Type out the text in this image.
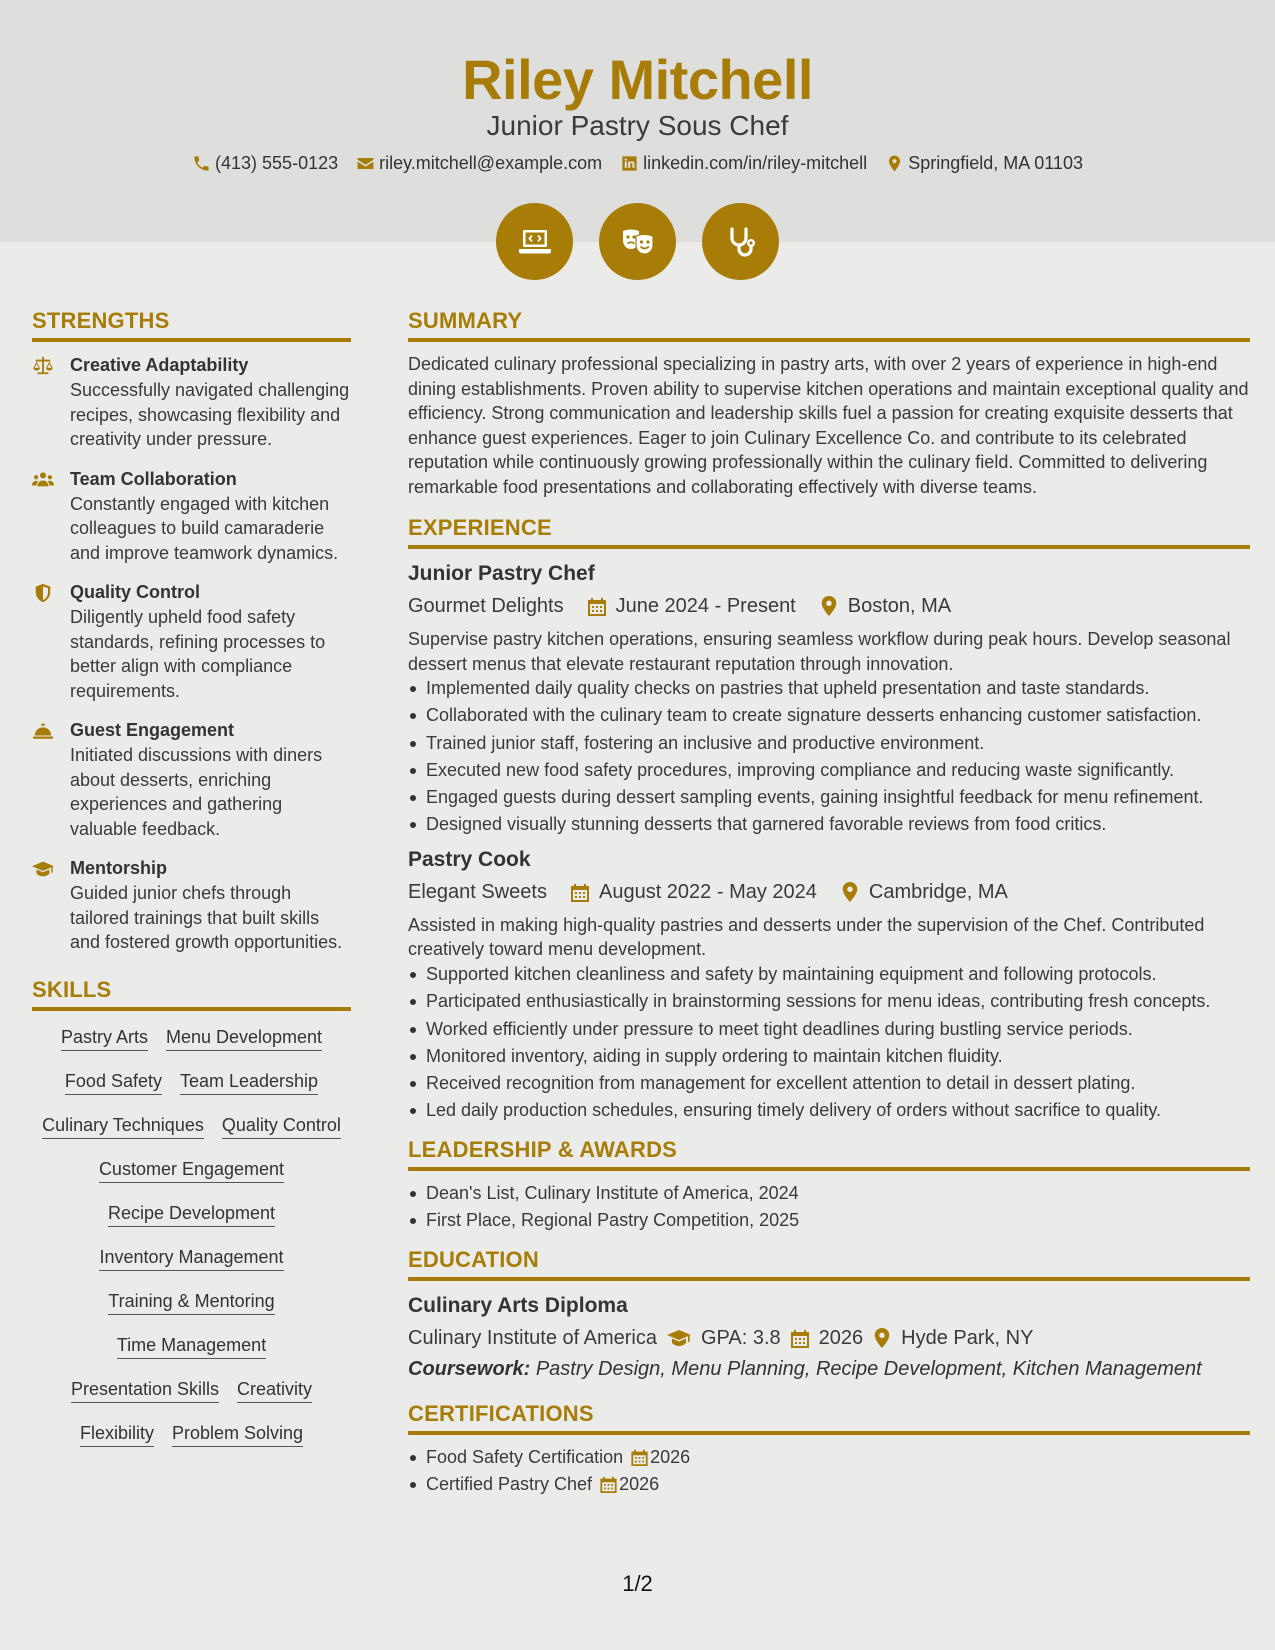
Riley Mitchell
Junior Pastry Sous Chef
(413) 555-0123 riley.mitchell@example.com linkedin.com/in/riley-mitchell Springfield, MA 01103
STRENGTHS
Creative Adaptability
Successfully navigated challenging recipes, showcasing flexibility and creativity under pressure.
Team Collaboration
Constantly engaged with kitchen colleagues to build camaraderie and improve teamwork dynamics.
Quality Control
Diligently upheld food safety standards, refining processes to better align with compliance requirements.
Guest Engagement
Initiated discussions with diners about desserts, enriching experiences and gathering valuable feedback.
Mentorship
Guided junior chefs through tailored trainings that built skills and fostered growth opportunities.
SKILLS
Pastry Arts Menu Development
Food Safety Team Leadership
Culinary Techniques Quality Control
Customer Engagement
Recipe Development
Inventory Management
Training & Mentoring
Time Management
Presentation Skills Creativity
Flexibility Problem Solving
SUMMARY
Dedicated culinary professional specializing in pastry arts, with over 2 years of experience in high-end dining establishments. Proven ability to supervise kitchen operations and maintain exceptional quality and efficiency. Strong communication and leadership skills fuel a passion for creating exquisite desserts that enhance guest experiences. Eager to join Culinary Excellence Co. and contribute to its celebrated reputation while continuously growing professionally within the culinary field. Committed to delivering remarkable food presentations and collaborating effectively with diverse teams.
EXPERIENCE
Junior Pastry Chef
Gourmet Delights	June 2024 - Present	Boston, MA
Supervise pastry kitchen operations, ensuring seamless workflow during peak hours. Develop seasonal dessert menus that elevate restaurant reputation through innovation.
Implemented daily quality checks on pastries that upheld presentation and taste standards.
Collaborated with the culinary team to create signature desserts enhancing customer satisfaction.
Trained junior staff, fostering an inclusive and productive environment.
Executed new food safety procedures, improving compliance and reducing waste significantly.
Engaged guests during dessert sampling events, gaining insightful feedback for menu refinement.
Designed visually stunning desserts that garnered favorable reviews from food critics.
Pastry Cook
Elegant Sweets	August 2022 - May 2024	Cambridge, MA
Assisted in making high-quality pastries and desserts under the supervision of the Chef. Contributed creatively toward menu development.
Supported kitchen cleanliness and safety by maintaining equipment and following protocols.
Participated enthusiastically in brainstorming sessions for menu ideas, contributing fresh concepts.
Worked efficiently under pressure to meet tight deadlines during bustling service periods.
Monitored inventory, aiding in supply ordering to maintain kitchen fluidity.
Received recognition from management for excellent attention to detail in dessert plating.
Led daily production schedules, ensuring timely delivery of orders without sacrifice to quality.
LEADERSHIP & AWARDS
Dean's List, Culinary Institute of America, 2024
First Place, Regional Pastry Competition, 2025
EDUCATION
Culinary Arts Diploma
Culinary Institute of America GPA: 3.8 2026 Hyde Park, NY
Coursework: Pastry Design, Menu Planning, Recipe Development, Kitchen Management
CERTIFICATIONS
Food Safety Certification 2026
Certified Pastry Chef 2026
1/2
